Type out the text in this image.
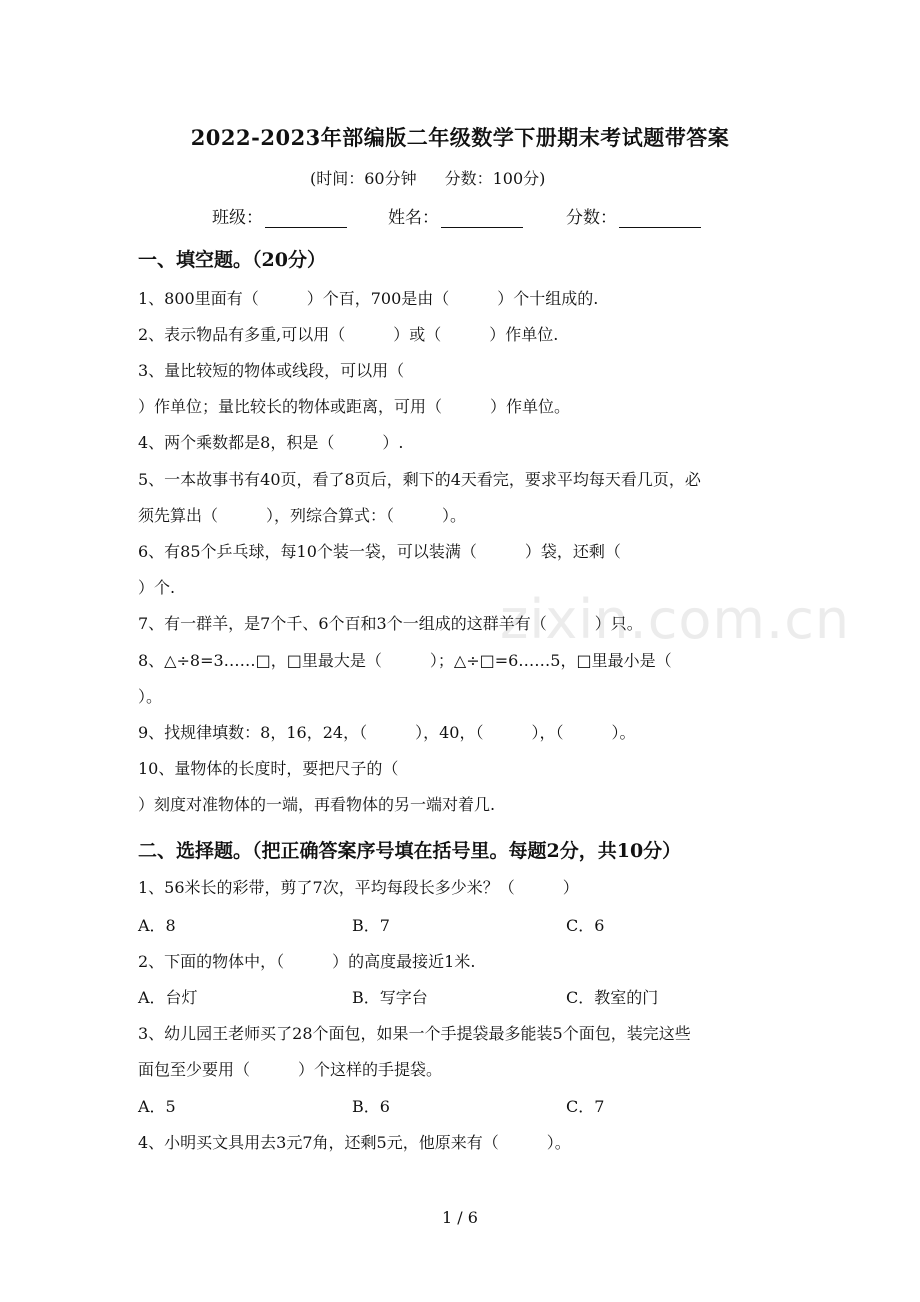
2022-2023年部编版二年级数学下册期末考试题带答案
(时间：60分钟 分数：100分)
班级：	姓名：	分数：
一、填空题。（20分）
1、800里面有（　　　）个百，700是由（　　　）个十组成的.
2、表示物品有多重,可以用（　　　）或（　　　）作单位.
3、量比较短的物体或线段，可以用（
）作单位；量比较长的物体或距离，可用（　　　）作单位。
4、两个乘数都是8，积是（　　　）.
5、一本故事书有40页，看了8页后，剩下的4天看完，要求平均每天看几页，必
须先算出（　　　），列综合算式：（　　　）。
6、有85个乒乓球，每10个装一袋，可以装满（　　　）袋，还剩（
）个.
7、有一群羊，是7个千、6个百和3个一组成的这群羊有（　　　）只。
8、△÷8=3……□，□里最大是（　　　）；△÷□=6……5，□里最小是（
）。
9、找规律填数：8，16，24，（　　　），40，（　　　），（　　　）。
10、量物体的长度时，要把尺子的（
）刻度对准物体的一端，再看物体的另一端对着几.
二、选择题。（把正确答案序号填在括号里。每题2分，共10分）
1、56米长的彩带，剪了7次，平均每段长多少米？（　　　）
A．8	B．7	C．6
2、下面的物体中，（　　　）的高度最接近1米.
A．台灯	B．写字台	C．教室的门
3、幼儿园王老师买了28个面包，如果一个手提袋最多能装5个面包，装完这些
面包至少要用（　　　）个这样的手提袋。
A．5	B．6	C．7
4、小明买文具用去3元7角，还剩5元，他原来有（　　　）。
zixin.com.cn
1 / 6
